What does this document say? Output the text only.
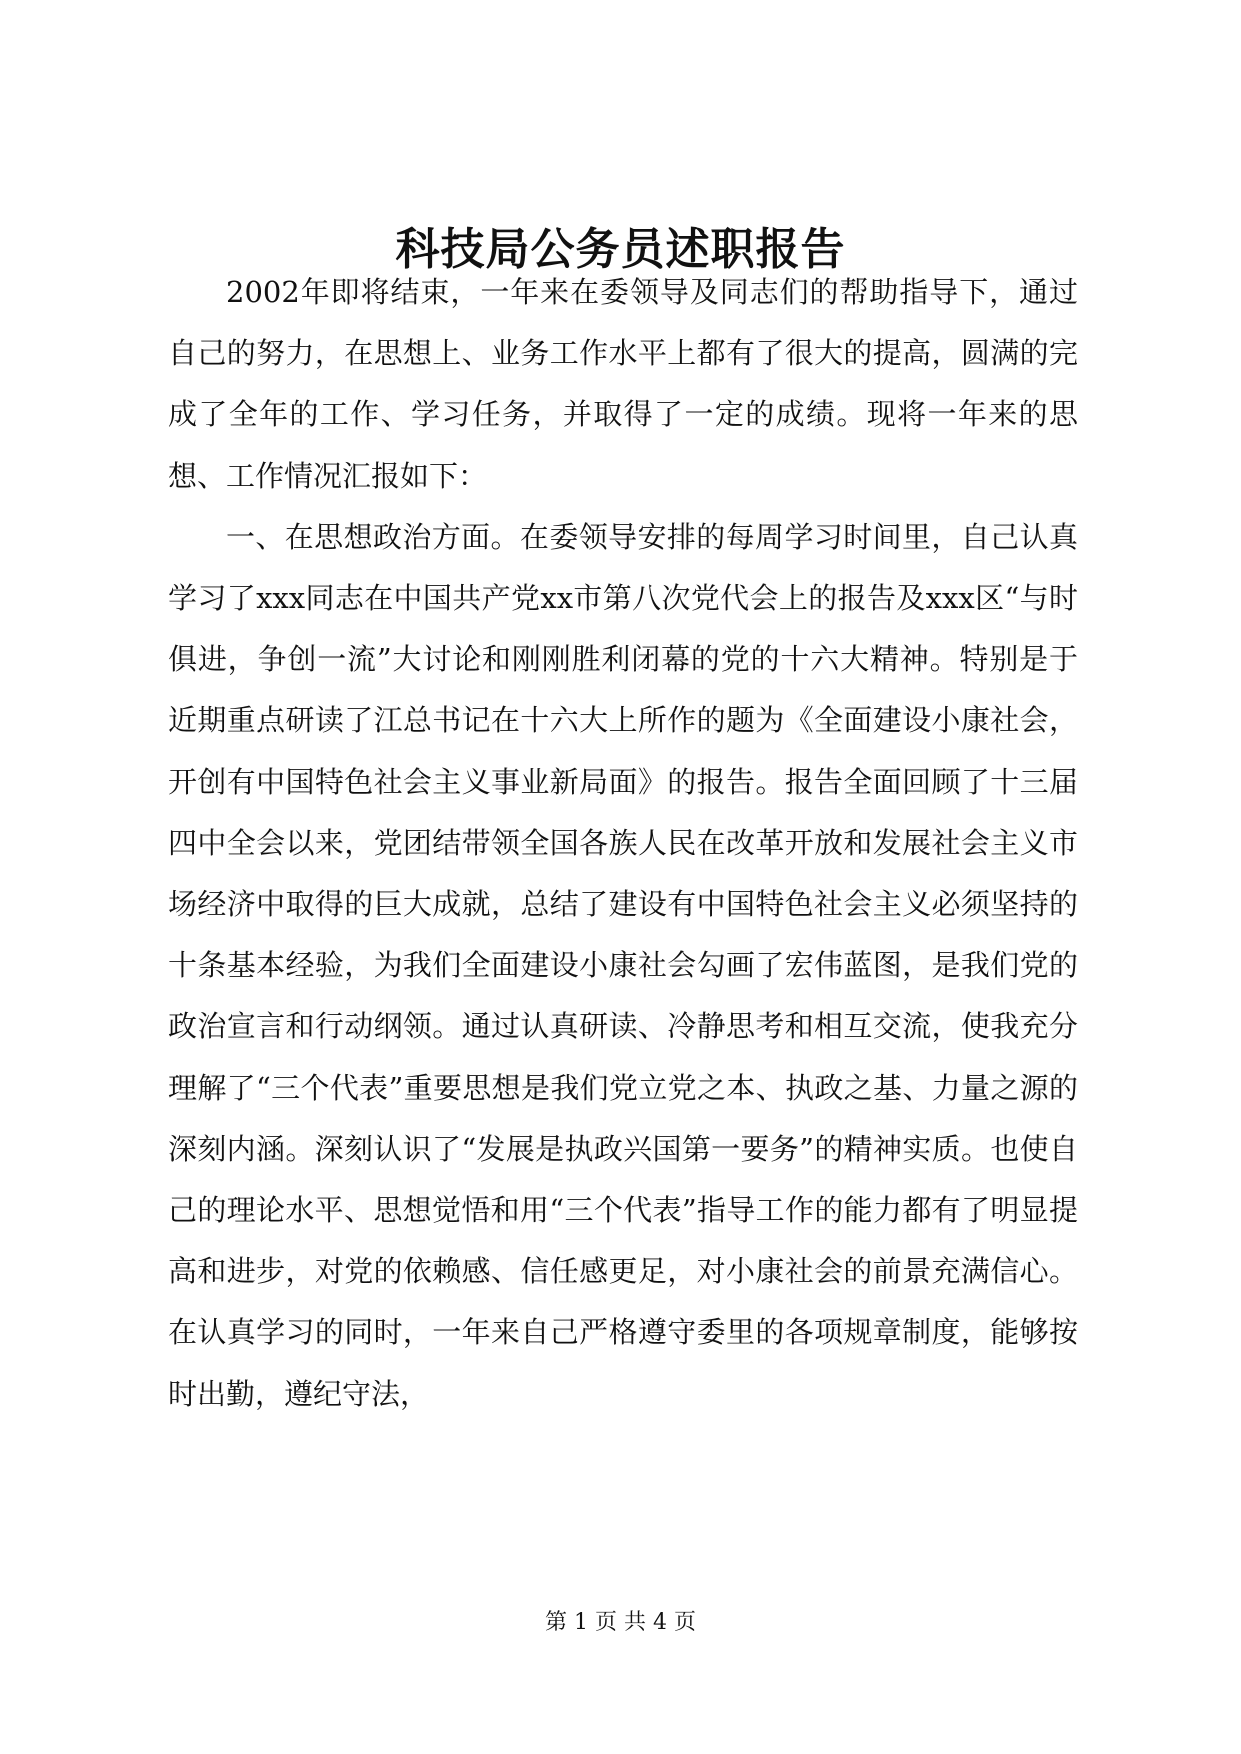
科技局公务员述职报告

2002年即将结束，一年来在委领导及同志们的帮助指导下，通过自己的努力，在思想上、业务工作水平上都有了很大的提高，圆满的完成了全年的工作、学习任务，并取得了一定的成绩。现将一年来的思想、工作情况汇报如下：

一、在思想政治方面。在委领导安排的每周学习时间里，自己认真学习了xxx同志在中国共产党xx市第八次党代会上的报告及xxx区“与时俱进，争创一流”大讨论和刚刚胜利闭幕的党的十六大精神。特别是于近期重点研读了江总书记在十六大上所作的题为《全面建设小康社会，开创有中国特色社会主义事业新局面》的报告。报告全面回顾了十三届四中全会以来，党团结带领全国各族人民在改革开放和发展社会主义市场经济中取得的巨大成就，总结了建设有中国特色社会主义必须坚持的十条基本经验，为我们全面建设小康社会勾画了宏伟蓝图，是我们党的政治宣言和行动纲领。通过认真研读、冷静思考和相互交流，使我充分理解了“三个代表”重要思想是我们党立党之本、执政之基、力量之源的深刻内涵。深刻认识了“发展是执政兴国第一要务”的精神实质。也使自己的理论水平、思想觉悟和用“三个代表”指导工作的能力都有了明显提高和进步，对党的依赖感、信任感更足，对小康社会的前景充满信心。在认真学习的同时，一年来自己严格遵守委里的各项规章制度，能够按时出勤，遵纪守法，

第 1 页 共 4 页
